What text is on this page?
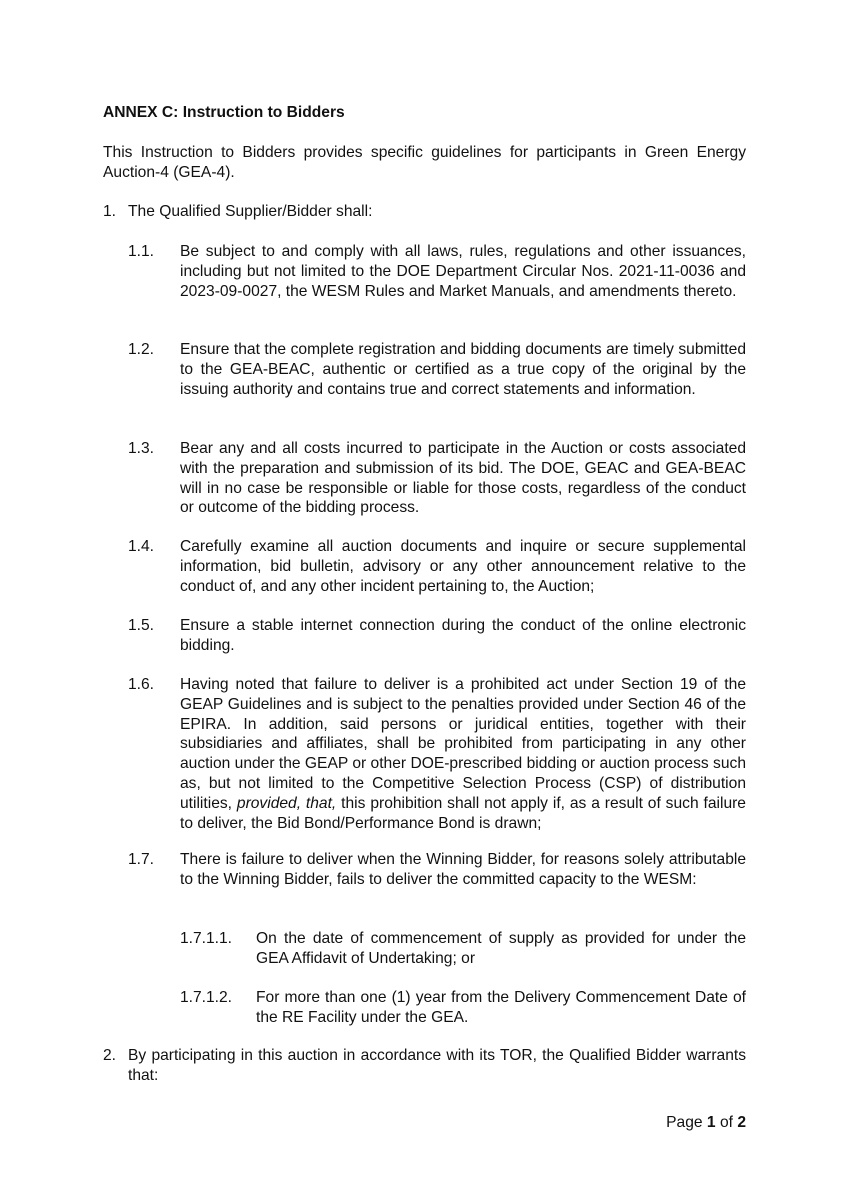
ANNEX C: Instruction to Bidders
This Instruction to Bidders provides specific guidelines for participants in Green Energy Auction-4 (GEA-4).
1. The Qualified Supplier/Bidder shall:
1.1. Be subject to and comply with all laws, rules, regulations and other issuances, including but not limited to the DOE Department Circular Nos. 2021-11-0036 and 2023-09-0027, the WESM Rules and Market Manuals, and amendments thereto.
1.2. Ensure that the complete registration and bidding documents are timely submitted to the GEA-BEAC, authentic or certified as a true copy of the original by the issuing authority and contains true and correct statements and information.
1.3. Bear any and all costs incurred to participate in the Auction or costs associated with the preparation and submission of its bid. The DOE, GEAC and GEA-BEAC will in no case be responsible or liable for those costs, regardless of the conduct or outcome of the bidding process.
1.4. Carefully examine all auction documents and inquire or secure supplemental information, bid bulletin, advisory or any other announcement relative to the conduct of, and any other incident pertaining to, the Auction;
1.5. Ensure a stable internet connection during the conduct of the online electronic bidding.
1.6. Having noted that failure to deliver is a prohibited act under Section 19 of the GEAP Guidelines and is subject to the penalties provided under Section 46 of the EPIRA. In addition, said persons or juridical entities, together with their subsidiaries and affiliates, shall be prohibited from participating in any other auction under the GEAP or other DOE-prescribed bidding or auction process such as, but not limited to the Competitive Selection Process (CSP) of distribution utilities, provided, that, this prohibition shall not apply if, as a result of such failure to deliver, the Bid Bond/Performance Bond is drawn;
1.7. There is failure to deliver when the Winning Bidder, for reasons solely attributable to the Winning Bidder, fails to deliver the committed capacity to the WESM:
1.7.1.1. On the date of commencement of supply as provided for under the GEA Affidavit of Undertaking; or
1.7.1.2. For more than one (1) year from the Delivery Commencement Date of the RE Facility under the GEA.
2. By participating in this auction in accordance with its TOR, the Qualified Bidder warrants that:
Page 1 of 2
